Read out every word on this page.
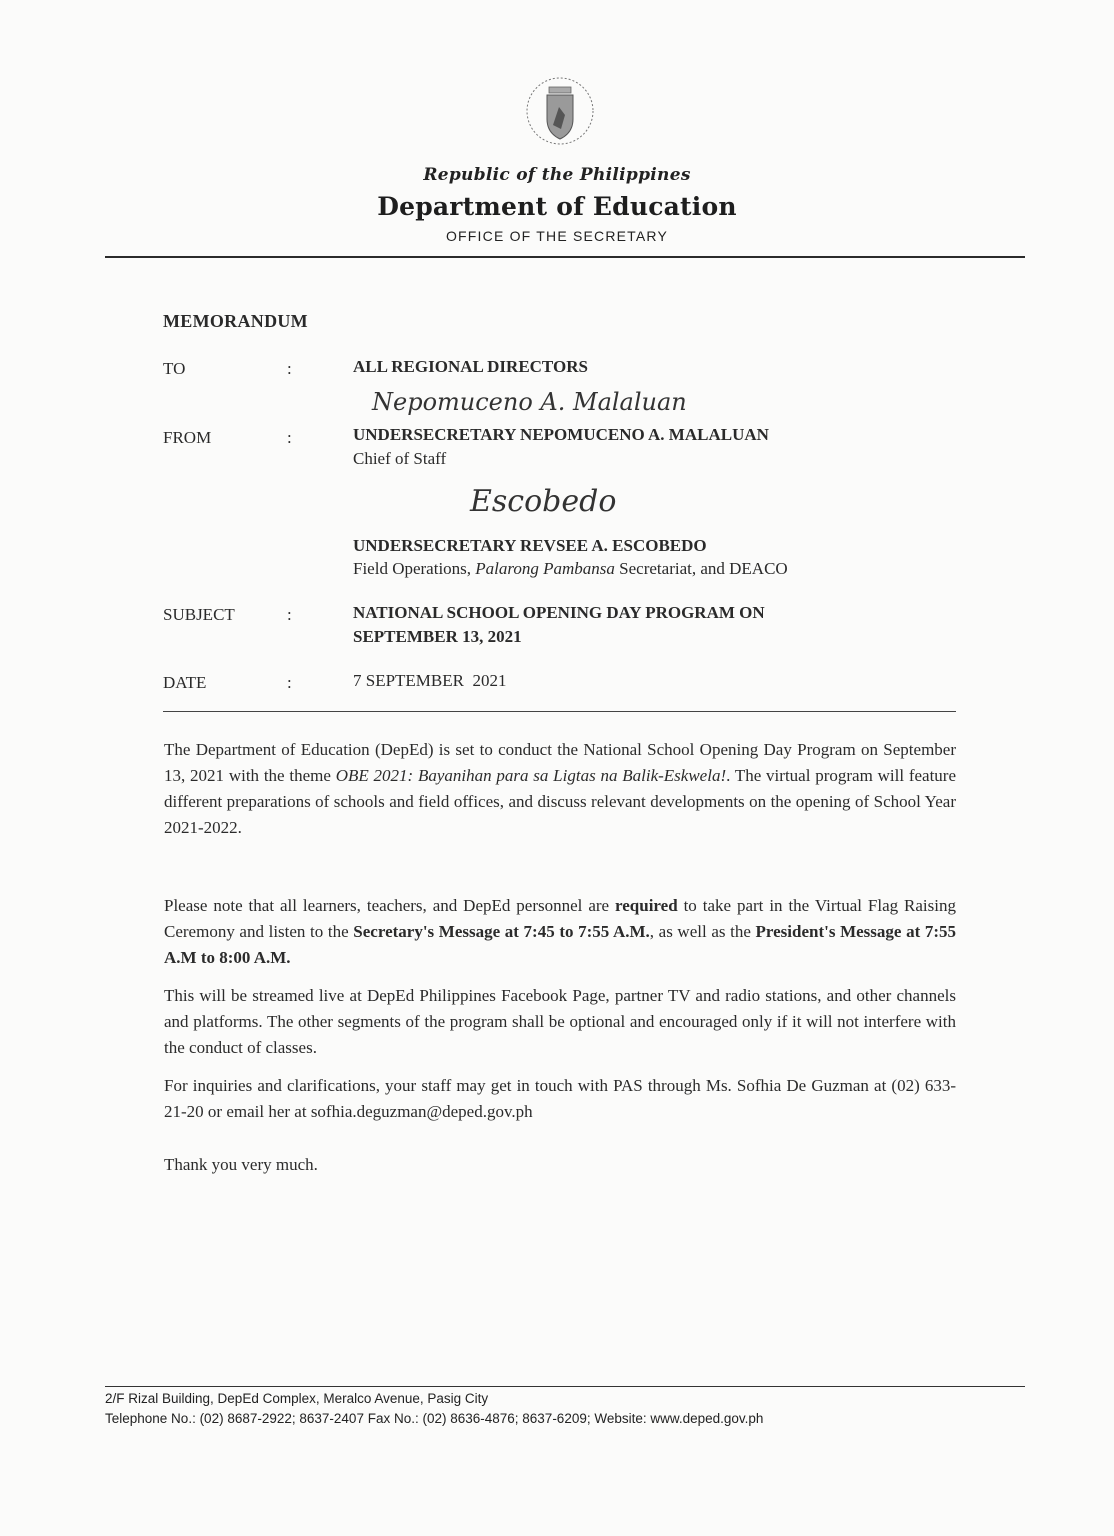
Republic of the Philippines
Department of Education
OFFICE OF THE SECRETARY
MEMORANDUM
TO	:	ALL REGIONAL DIRECTORS
FROM	:
Nepomuceno A. Malaluan
UNDERSECRETARY NEPOMUCENO A. MALALUAN
Chief of Staff
Escobedo
UNDERSECRETARY REVSEE A. ESCOBEDO
Field Operations, Palarong Pambansa Secretariat, and DEACO
SUBJECT	:	NATIONAL SCHOOL OPENING DAY PROGRAM ON
SEPTEMBER 13, 2021
DATE	:	7 SEPTEMBER  2021
The Department of Education (DepEd) is set to conduct the National School Opening Day Program on September 13, 2021 with the theme OBE 2021: Bayanihan para sa Ligtas na Balik-Eskwela!. The virtual program will feature different preparations of schools and field offices, and discuss relevant developments on the opening of School Year 2021-2022.
Please note that all learners, teachers, and DepEd personnel are required to take part in the Virtual Flag Raising Ceremony and listen to the Secretary's Message at 7:45 to 7:55 A.M., as well as the President's Message at 7:55 A.M to 8:00 A.M.
This will be streamed live at DepEd Philippines Facebook Page, partner TV and radio stations, and other channels and platforms. The other segments of the program shall be optional and encouraged only if it will not interfere with the conduct of classes.
For inquiries and clarifications, your staff may get in touch with PAS through Ms. Sofhia De Guzman at (02) 633-21-20 or email her at sofhia.deguzman@deped.gov.ph
Thank you very much.
2/F Rizal Building, DepEd Complex, Meralco Avenue, Pasig City
Telephone No.: (02) 8687-2922; 8637-2407 Fax No.: (02) 8636-4876; 8637-6209; Website: www.deped.gov.ph
